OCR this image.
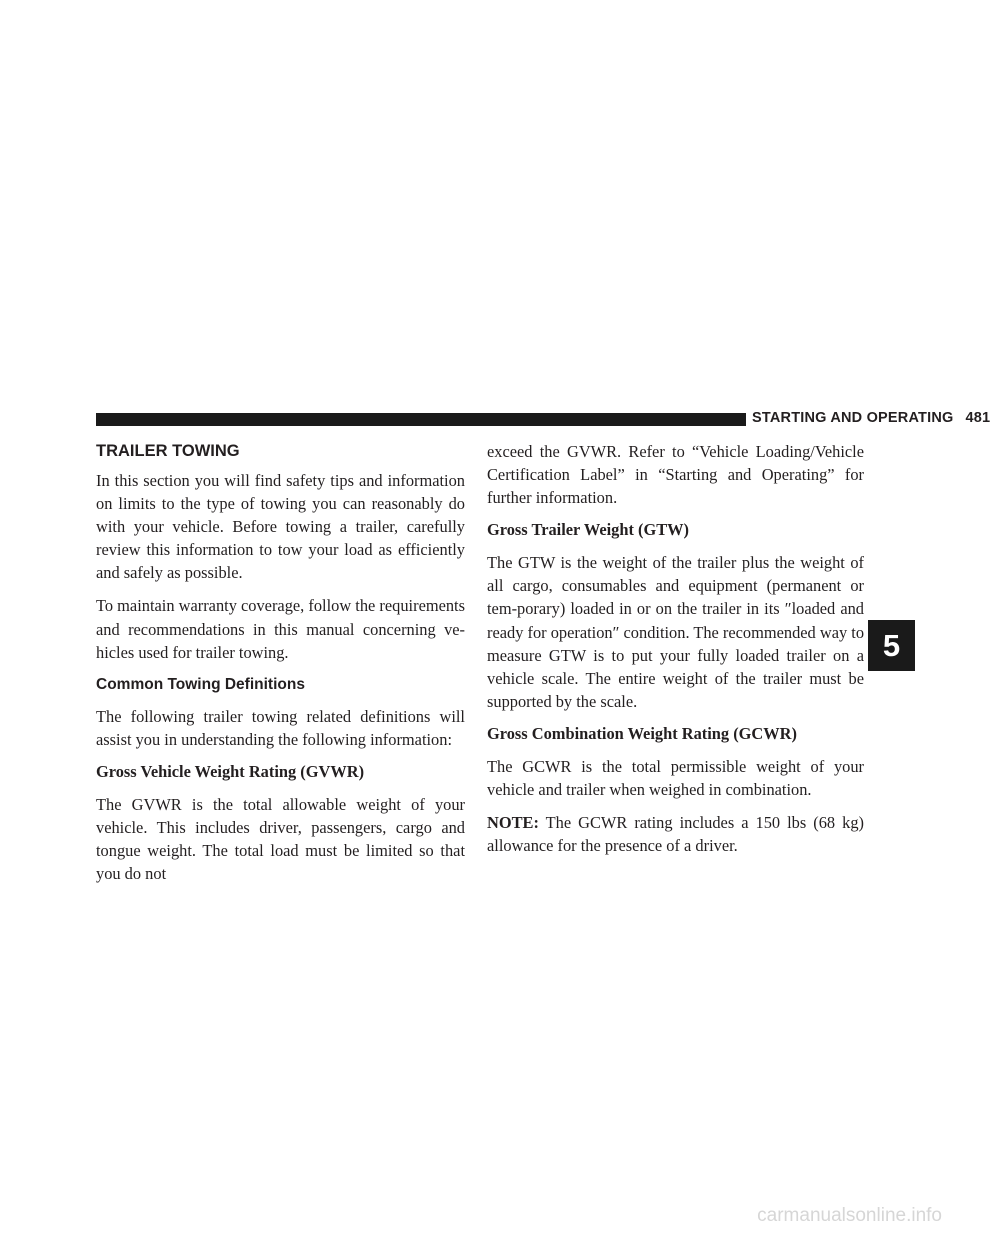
STARTING AND OPERATING 481
TRAILER TOWING

In this section you will find safety tips and information on limits to the type of towing you can reasonably do with your vehicle. Before towing a trailer, carefully review this information to tow your load as efficiently and safely as possible.

To maintain warranty coverage, follow the requirements and recommendations in this manual concerning ve-hicles used for trailer towing.

Common Towing Definitions

The following trailer towing related definitions will assist you in understanding the following information:

Gross Vehicle Weight Rating (GVWR)

The GVWR is the total allowable weight of your vehicle. This includes driver, passengers, cargo and tongue weight. The total load must be limited so that you do not

exceed the GVWR. Refer to “Vehicle Loading/Vehicle Certification Label” in “Starting and Operating” for further information.

Gross Trailer Weight (GTW)

The GTW is the weight of the trailer plus the weight of all cargo, consumables and equipment (permanent or tem-porary) loaded in or on the trailer in its ″loaded and ready for operation″ condition. The recommended way to measure GTW is to put your fully loaded trailer on a vehicle scale. The entire weight of the trailer must be supported by the scale.

Gross Combination Weight Rating (GCWR)

The GCWR is the total permissible weight of your vehicle and trailer when weighed in combination.

NOTE: The GCWR rating includes a 150 lbs (68 kg) allowance for the presence of a driver.

5
carmanualsonline.info
